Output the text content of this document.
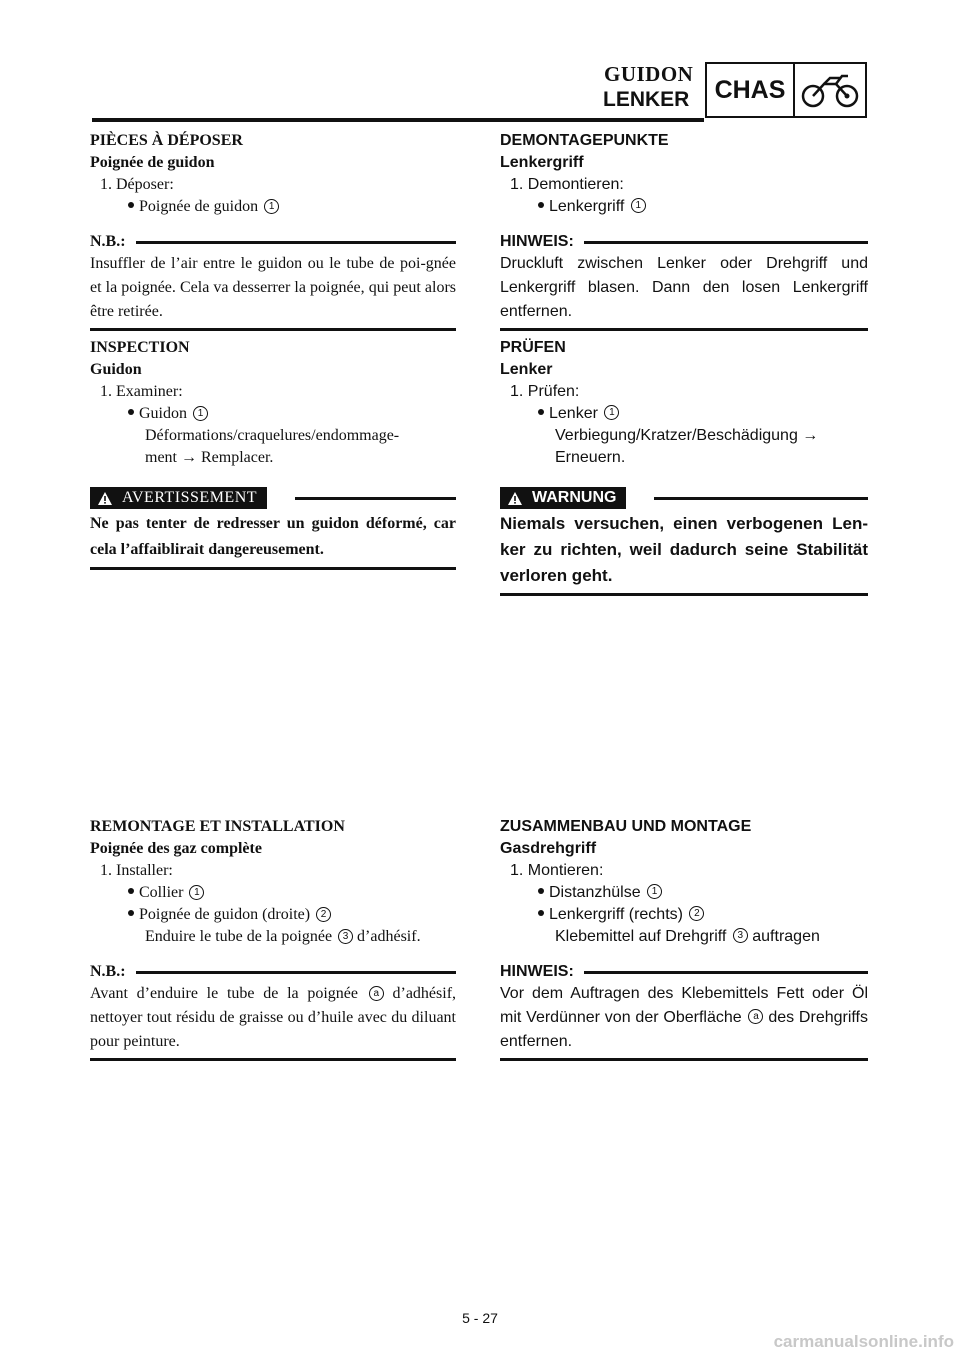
GUIDON
LENKER	CHAS
PIÈCES À DÉPOSER
Poignée de guidon
1. Déposer:
Poignée de guidon 1
N.B.:
Insuffler de l’air entre le guidon ou le tube de poi-gnée et la poignée. Cela va desserrer la poignée, qui peut alors être retirée.
INSPECTION
Guidon
1. Examiner:
Guidon 1
Déformations/craquelures/endommage-
ment → Remplacer.
AVERTISSEMENT
Ne pas tenter de redresser un guidon déformé, car cela l’affaiblirait dangereusement.
DEMONTAGEPUNKTE
Lenkergriff
1. Demontieren:
Lenkergriff 1
HINWEIS:
Druckluft zwischen Lenker oder Drehgriff und Lenkergriff blasen. Dann den losen Lenkergriff entfernen.
PRÜFEN
Lenker
1. Prüfen:
Lenker 1
Verbiegung/Kratzer/Beschädigung →
Erneuern.
WARNUNG
Niemals versuchen, einen verbogenen Len-ker zu richten, weil dadurch seine Stabilität verloren geht.
REMONTAGE ET INSTALLATION
Poignée des gaz complète
1. Installer:
Collier 1
Poignée de guidon (droite) 2
Enduire le tube de la poignée 3 d’adhésif.
N.B.:
Avant d’enduire le tube de la poignée a d’adhésif, nettoyer tout résidu de graisse ou d’huile avec du diluant pour peinture.
ZUSAMMENBAU UND MONTAGE
Gasdrehgriff
1. Montieren:
Distanzhülse 1
Lenkergriff (rechts) 2
Klebemittel auf Drehgriff 3 auftragen
HINWEIS:
Vor dem Auftragen des Klebemittels Fett oder Öl mit Verdünner von der Oberfläche a des Drehgriffs entfernen.
5 - 27
carmanualsonline.info
